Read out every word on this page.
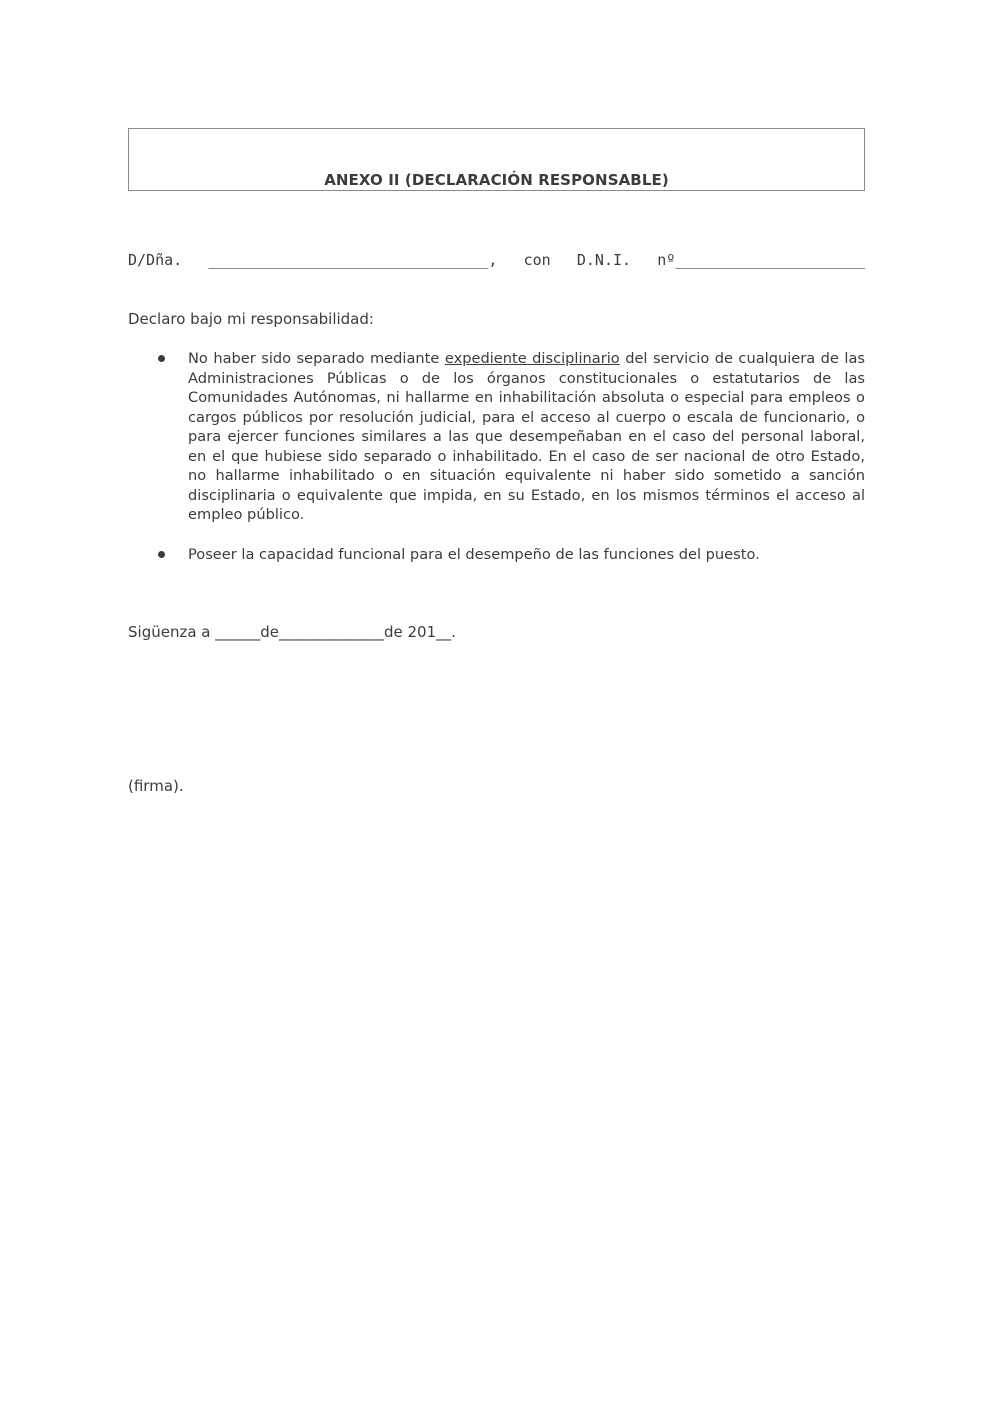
ANEXO II (DECLARACIÓN RESPONSABLE)
D/Dña. _______________________________, con D.N.I. nº_____________________
Declaro bajo mi responsabilidad:
No haber sido separado mediante expediente disciplinario del servicio de cualquiera de las Administraciones Públicas o de los órganos constitucionales o estatutarios de las Comunidades Autónomas, ni hallarme en inhabilitación absoluta o especial para empleos o cargos públicos por resolución judicial, para el acceso al cuerpo o escala de funcionario, o para ejercer funciones similares a las que desempeñaban en el caso del personal laboral, en el que hubiese sido separado o inhabilitado. En el caso de ser nacional de otro Estado, no hallarme inhabilitado o en situación equivalente ni haber sido sometido a sanción disciplinaria o equivalente que impida, en su Estado, en los mismos términos el acceso al empleo público.
Poseer la capacidad funcional para el desempeño de las funciones del puesto.
Sigüenza a ______de______________de 201__.
(firma).
